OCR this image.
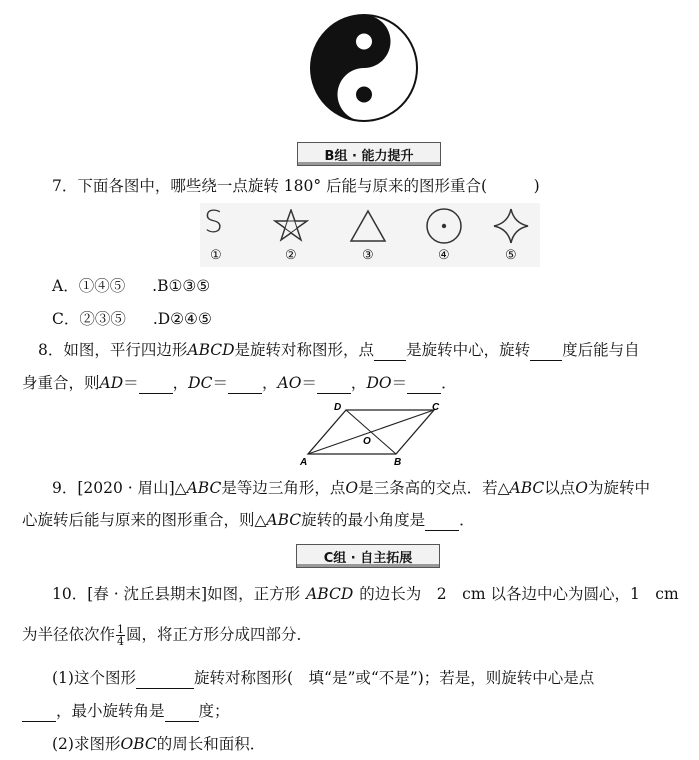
B组 · 能力提升
7．下面各图中，哪些绕一点旋转 180° 后能与原来的图形重合(　　　)
S
①	②	③	④	⑤
A．①④⑤ .B①③⑤
C．②③⑤ .D②④⑤
8．如图，平行四边形ABCD是旋转对称图形，点 是旋转中心，旋转 度后能与自
身重合，则AD＝ ，DC＝ ，AO＝ ，DO＝ ．
A	B
C
D
O
9．[2020 · 眉山]△ABC是等边三角形，点O是三条高的交点．若△ABC以点O为旋转中
心旋转后能与原来的图形重合，则△ABC旋转的最小角度是 ．
C组 · 自主拓展
10．[春 · 沈丘县期末]如图，正方形 ABCD 的边长为　2　cm 以各边中心为圆心，1　cm
为半径依次作 $\frac{1}{4}$ 圆，将正方形分成四部分．
(1)这个图形	旋转对称图形(　填“是”或“不是”)；若是，则旋转中心是点
，最小旋转角是 度；
(2)求图形OBC的周长和面积．
